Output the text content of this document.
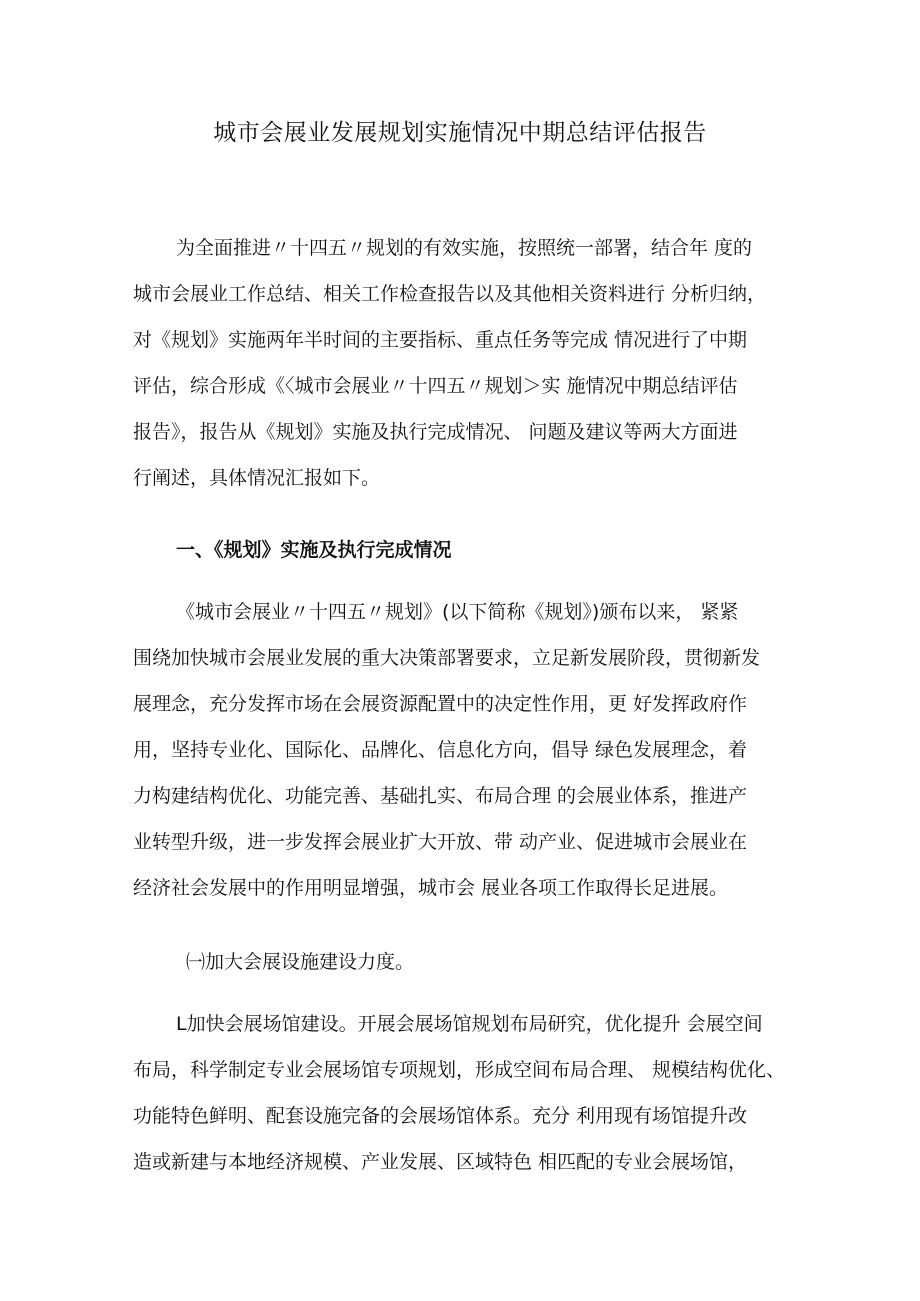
城市会展业发展规划实施情况中期总结评估报告
为全面推进〃十四五〃规划的有效实施，按照统一部署，结合年 度的
城市会展业工作总结、相关工作检查报告以及其他相关资料进行 分析归纳，
对《规划》实施两年半时间的主要指标、重点任务等完成 情况进行了中期
评估，综合形成《〈城市会展业〃十四五〃规划＞实 施情况中期总结评估
报告》，报告从《规划》实施及执行完成情况、 问题及建议等两大方面进
行阐述，具体情况汇报如下。
一、《规划》实施及执行完成情况
《城市会展业〃十四五〃规划》(以下简称《规划》)颁布以来， 紧紧
围绕加快城市会展业发展的重大决策部署要求，立足新发展阶段，贯彻新发
展理念，充分发挥市场在会展资源配置中的决定性作用，更 好发挥政府作
用，坚持专业化、国际化、品牌化、信息化方向，倡导 绿色发展理念，着
力构建结构优化、功能完善、基础扎实、布局合理 的会展业体系，推进产
业转型升级，进一步发挥会展业扩大开放、带 动产业、促进城市会展业在
经济社会发展中的作用明显增强，城市会 展业各项工作取得长足进展。
㈠加大会展设施建设力度。
L加快会展场馆建设。开展会展场馆规划布局研究，优化提升 会展空间
布局，科学制定专业会展场馆专项规划，形成空间布局合理、 规模结构优化、
功能特色鲜明、配套设施完备的会展场馆体系。充分 利用现有场馆提升改
造或新建与本地经济规模、产业发展、区域特色 相匹配的专业会展场馆，
